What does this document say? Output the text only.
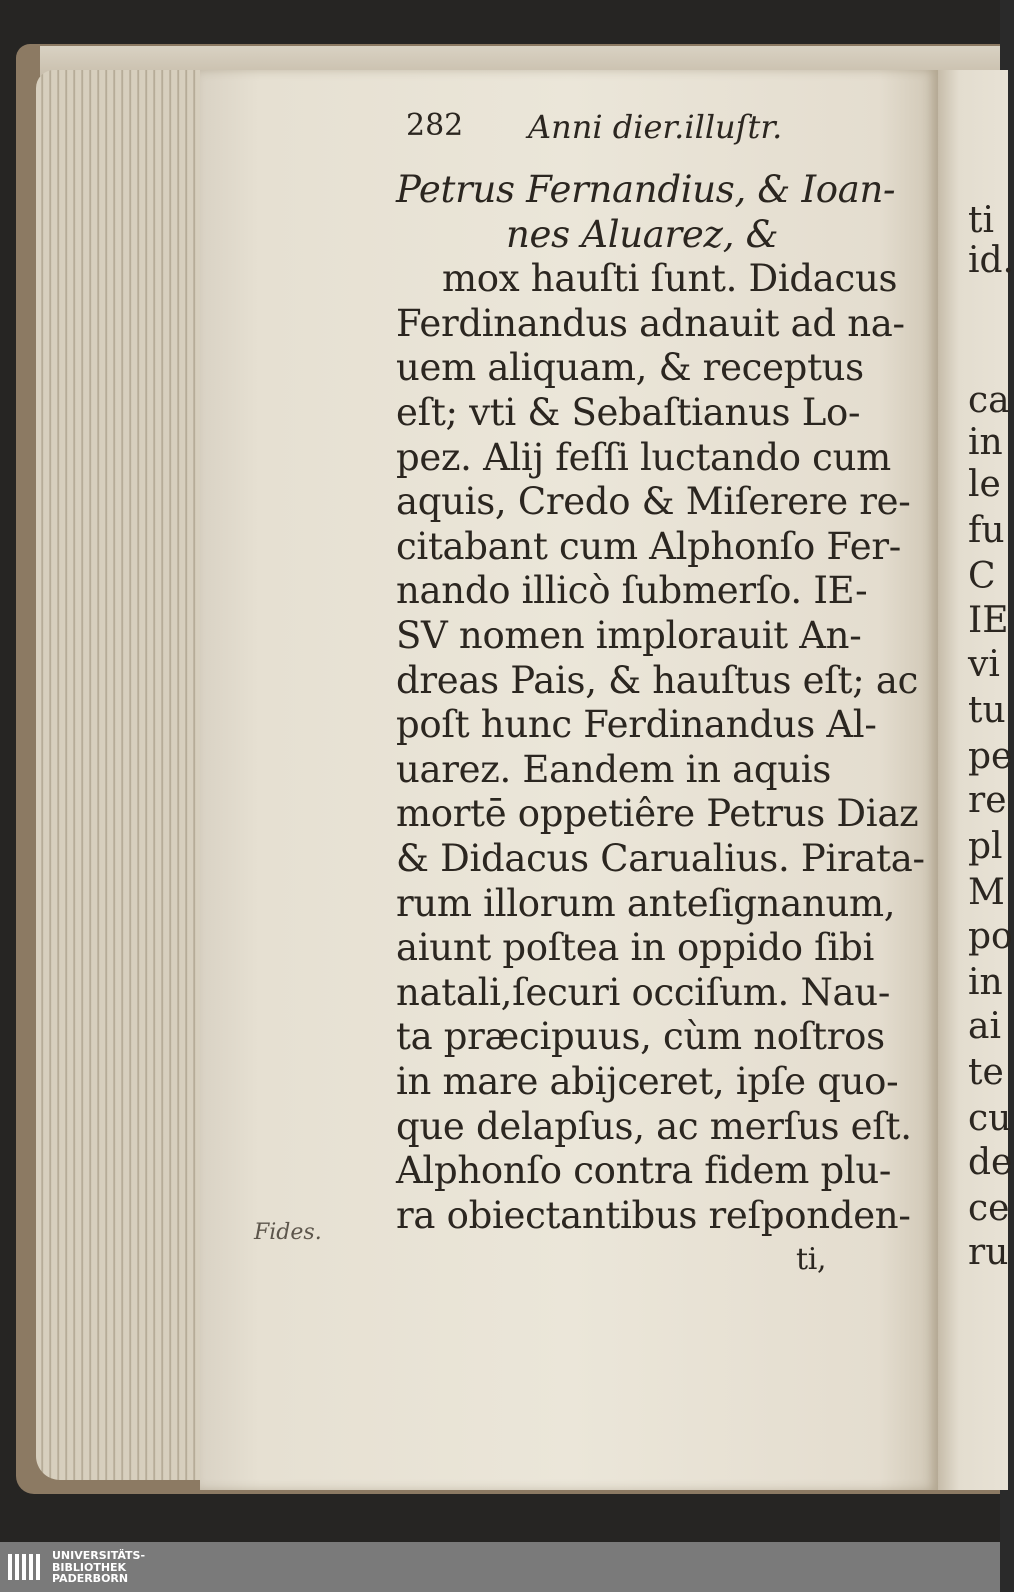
282 Anni dier.illuſtr.
Petrus Fernandius, & Ioan-
nes Aluarez, &
mox hauſti ſunt. Didacus
Ferdinandus adnauit ad na-
uem aliquam, & receptus
eſt; vti & Sebaſtianus Lo-
pez. Alij feſſi luctando cum
aquis, Credo & Miſerere re-
citabant cum Alphonſo Fer-
nando illicò ſubmerſo. IE-
SV nomen implorauit An-
dreas Pais, & hauſtus eſt; ac
poſt hunc Ferdinandus Al-
uarez. Eandem in aquis
mortē oppetiêre Petrus Diaz
& Didacus Carualius. Pirata-
rum illorum anteſignanum,
aiunt poſtea in oppido ſibi
natali,ſecuri occiſum. Nau-
ta præcipuus, cùm noſtros
in mare abijceret, ipſe quo-
que delapſus, ac merſus eſt.
Alphonſo contra fidem plu-
ra obiectantibus reſponden-
ti,
Fides.
ti
id.
ca
in
le
fu
C
IE
vi
tu
pe
re
pl
M
po
in
ai
te
cu
de
ce
ru
UNIVERSITÄTS-
BIBLIOTHEK
PADERBORN
